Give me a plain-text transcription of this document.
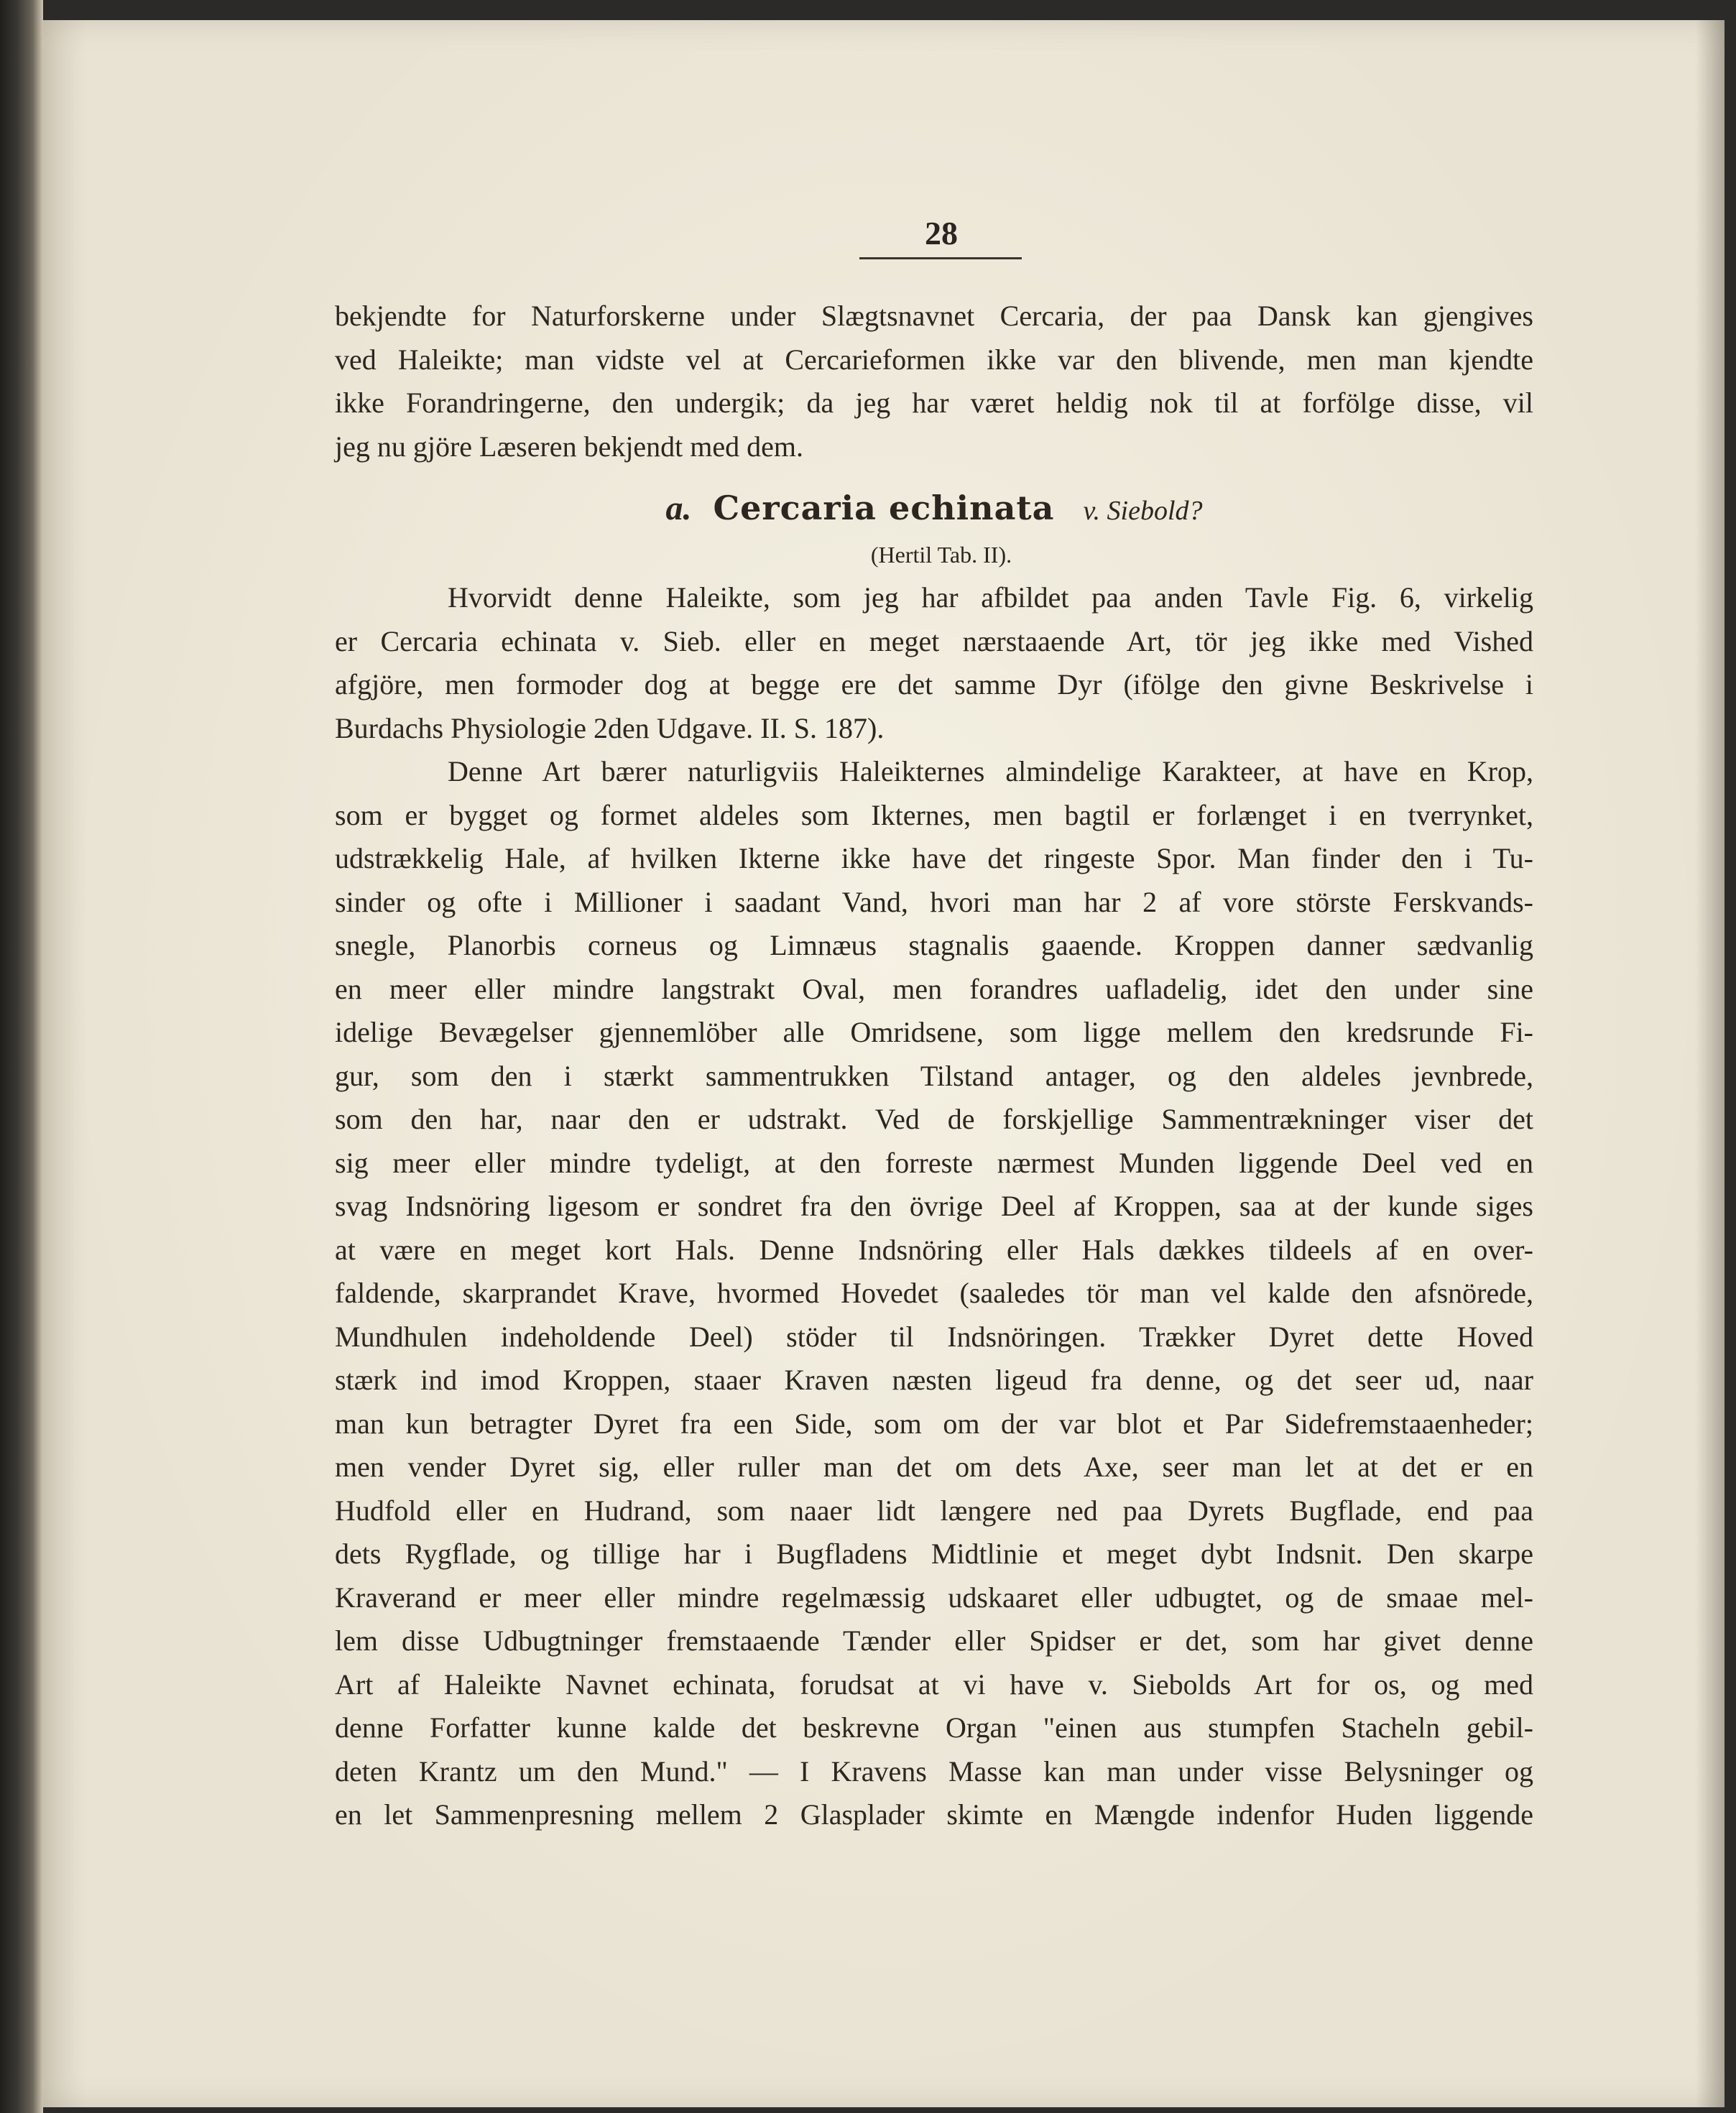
28

bekjendte for Naturforskerne under Slægtsnavnet Cercaria, der paa Dansk kan gjengives
ved Haleikte; man vidste vel at Cercarieformen ikke var den blivende, men man kjendte
ikke Forandringerne, den undergik; da jeg har været heldig nok til at forfölge disse, vil
jeg nu gjöre Læseren bekjendt med dem.

a. Cercaria echinata v. Siebold?
(Hertil Tab. II).

Hvorvidt denne Haleikte, som jeg har afbildet paa anden Tavle Fig. 6, virkelig
er Cercaria echinata v. Sieb. eller en meget nærstaaende Art, tör jeg ikke med Vished
afgjöre, men formoder dog at begge ere det samme Dyr (ifölge den givne Beskrivelse i
Burdachs Physiologie 2den Udgave. II. S. 187).

Denne Art bærer naturligviis Haleikternes almindelige Karakteer, at have en Krop,
som er bygget og formet aldeles som Ikternes, men bagtil er forlænget i en tverrynket,
udstrækkelig Hale, af hvilken Ikterne ikke have det ringeste Spor. Man finder den i Tu-
sinder og ofte i Millioner i saadant Vand, hvori man har 2 af vore störste Ferskvands-
snegle, Planorbis corneus og Limnæus stagnalis gaaende. Kroppen danner sædvanlig
en meer eller mindre langstrakt Oval, men forandres uafladelig, idet den under sine
idelige Bevægelser gjennemlöber alle Omridsene, som ligge mellem den kredsrunde Fi-
gur, som den i stærkt sammentrukken Tilstand antager, og den aldeles jevnbrede,
som den har, naar den er udstrakt. Ved de forskjellige Sammentrækninger viser det
sig meer eller mindre tydeligt, at den forreste nærmest Munden liggende Deel ved en
svag Indsnöring ligesom er sondret fra den övrige Deel af Kroppen, saa at der kunde siges
at være en meget kort Hals. Denne Indsnöring eller Hals dækkes tildeels af en over-
faldende, skarprandet Krave, hvormed Hovedet (saaledes tör man vel kalde den afsnörede,
Mundhulen indeholdende Deel) stöder til Indsnöringen. Trækker Dyret dette Hoved
stærk ind imod Kroppen, staaer Kraven næsten ligeud fra denne, og det seer ud, naar
man kun betragter Dyret fra een Side, som om der var blot et Par Sidefremstaaenheder;
men vender Dyret sig, eller ruller man det om dets Axe, seer man let at det er en
Hudfold eller en Hudrand, som naaer lidt længere ned paa Dyrets Bugflade, end paa
dets Rygflade, og tillige har i Bugfladens Midtlinie et meget dybt Indsnit. Den skarpe
Kraverand er meer eller mindre regelmæssig udskaaret eller udbugtet, og de smaae mel-
lem disse Udbugtninger fremstaaende Tænder eller Spidser er det, som har givet denne
Art af Haleikte Navnet echinata, forudsat at vi have v. Siebolds Art for os, og med
denne Forfatter kunne kalde det beskrevne Organ "einen aus stumpfen Stacheln gebil-
deten Krantz um den Mund." — I Kravens Masse kan man under visse Belysninger og
en let Sammenpresning mellem 2 Glasplader skimte en Mængde indenfor Huden liggende
